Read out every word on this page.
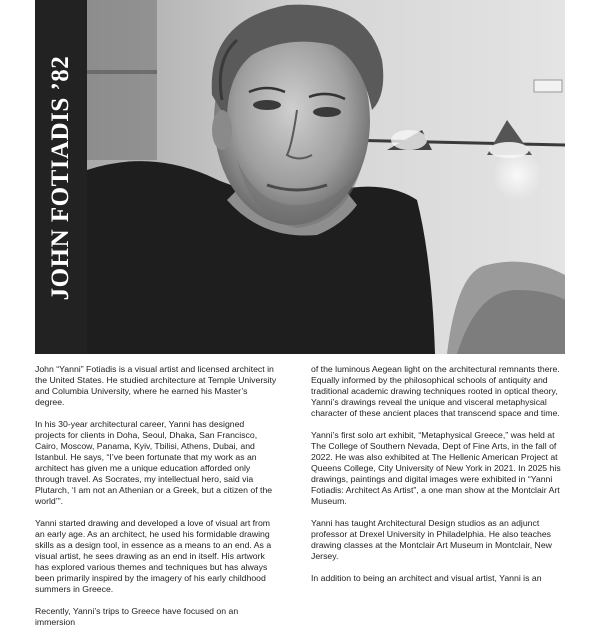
JOHN FOTIADIS ’82

John “Yanni” Fotiadis is a visual artist and licensed architect in the United States. He studied architecture at Temple University and Columbia University, where he earned his Master’s degree.

In his 30-year architectural career, Yanni has designed projects for clients in Doha, Seoul, Dhaka, San Francisco, Cairo, Moscow, Panama, Kyiv, Tbilisi, Athens, Dubai, and Istanbul. He says, “I’ve been fortunate that my work as an architect has given me a unique education afforded only through travel. As Socrates, my intellectual hero, said via Plutarch, ‘I am not an Athenian or a Greek, but a citizen of the world’”.

Yanni started drawing and developed a love of visual art from an early age. As an architect, he used his formidable drawing skills as a design tool, in essence as a means to an end. As a visual artist, he sees drawing as an end in itself. His artwork has explored various themes and techniques but has always been primarily inspired by the imagery of his early childhood summers in Greece.

Recently, Yanni’s trips to Greece have focused on an immersion

of the luminous Aegean light on the architectural remnants there. Equally informed by the philosophical schools of antiquity and traditional academic drawing techniques rooted in optical theory, Yanni’s drawings reveal the unique and visceral metaphysical character of these ancient places that transcend space and time.

Yanni’s first solo art exhibit, “Metaphysical Greece,” was held at The College of Southern Nevada, Dept of Fine Arts, in the fall of 2022. He was also exhibited at The Hellenic American Project at Queens College, City University of New York in 2021. In 2025 his drawings, paintings and digital images were exhibited in “Yanni Fotiadis: Architect As Artist”, a one man show at the Montclair Art Museum.

Yanni has taught Architectural Design studios as an adjunct professor at Drexel University in Philadelphia. He also teaches drawing classes at the Montclair Art Museum in Montclair, New Jersey.

In addition to being an architect and visual artist, Yanni is an
